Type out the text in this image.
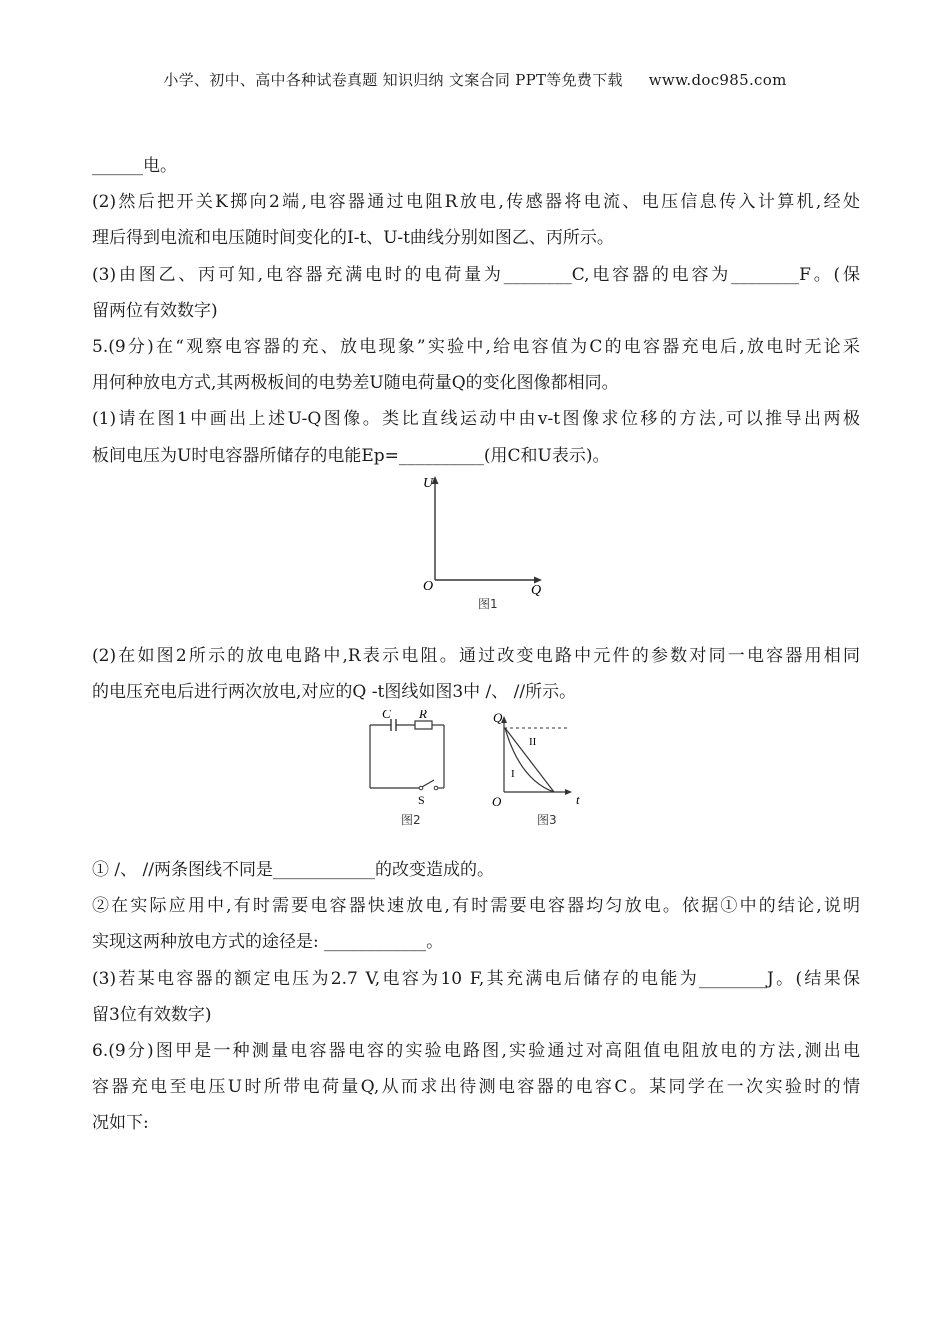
小学、初中、高中各种试卷真题 知识归纳 文案合同 PPT等免费下载 www.doc985.com
______电。
(2)然后把开关K掷向2端,电容器通过电阻R放电,传感器将电流、电压信息传入计算机,经处
理后得到电流和电压随时间变化的I-t、U-t曲线分别如图乙、丙所示。
(3)由图乙、丙可知,电容器充满电时的电荷量为________C,电容器的电容为________F。(保
留两位有效数字)
5.(9分)在“观察电容器的充、放电现象”实验中,给电容值为C的电容器充电后,放电时无论采
用何种放电方式,其两极板间的电势差U随电荷量Q的变化图像都相同。
(1)请在图1中画出上述U-Q图像。类比直线运动中由v-t图像求位移的方法,可以推导出两极
板间电压为U时电容器所储存的电能Ep=__________(用C和U表示)。
U
O	Q
图1
(2)在如图2所示的放电电路中,R表示电阻。通过改变电路中元件的参数对同一电容器用相同
的电压充电后进行两次放电,对应的Q -t图线如图3中 /、 //所示。
C R
S
图2
Q
O	t
I
II
图3
① /、 //两条图线不同是____________的改变造成的。
②在实际应用中,有时需要电容器快速放电,有时需要电容器均匀放电。依据①中的结论,说明
实现这两种放电方式的途径是: ____________。
(3)若某电容器的额定电压为2.7 V,电容为10 F,其充满电后储存的电能为________J。(结果保
留3位有效数字)
6.(9分)图甲是一种测量电容器电容的实验电路图,实验通过对高阻值电阻放电的方法,测出电
容器充电至电压U时所带电荷量Q,从而求出待测电容器的电容C。某同学在一次实验时的情
况如下:
